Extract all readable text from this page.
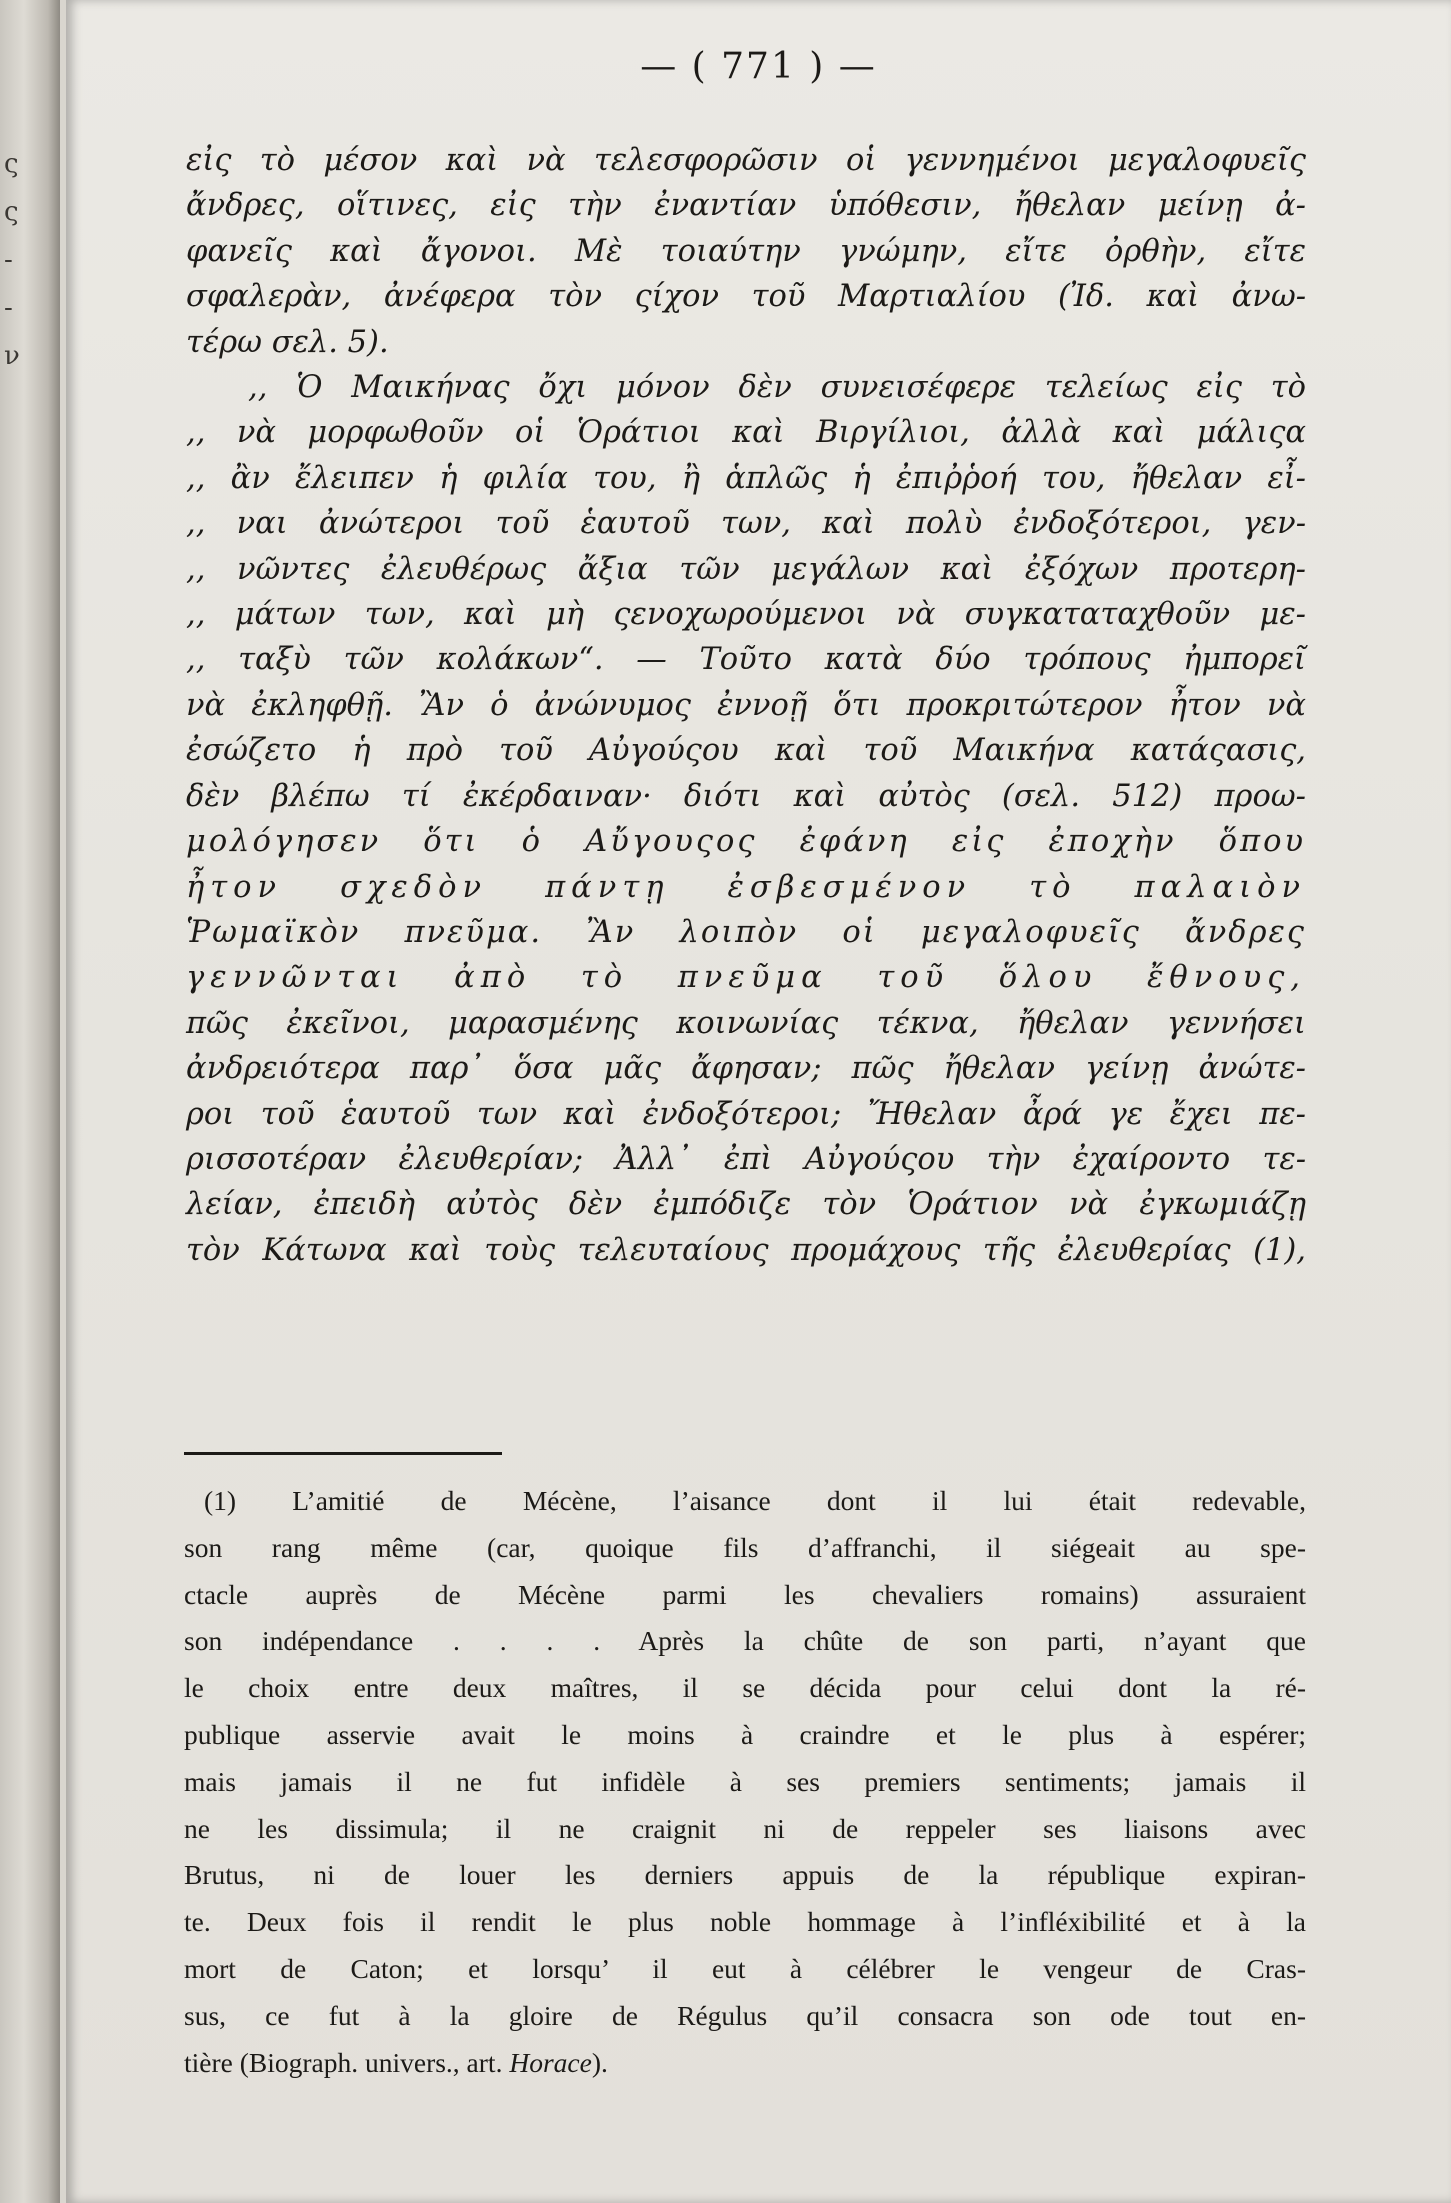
ς
ς
-
-
ν
— ( 771 ) —
εἰς τὸ μέσον καὶ νὰ τελεσφορῶσιν οἱ γεννημένοι μεγαλοφυεῖς
ἄνδρες, οἵτινες, εἰς τὴν ἐναντίαν ὑπόθεσιν, ἤθελαν μείνῃ ἀ-
φανεῖς καὶ ἄγονοι. Μὲ τοιαύτην γνώμην, εἴτε ὀρθὴν, εἴτε
σφαλερὰν, ἀνέφερα τὸν ςίχον τοῦ Μαρτιαλίου (Ἰδ. καὶ ἀνω-
τέρω σελ. 5).
,, Ὁ Μαικήνας ὄχι μόνον δὲν συνεισέφερε τελείως εἰς τὸ
,, νὰ μορφωθοῦν οἱ Ὁράτιοι καὶ Βιργίλιοι, ἀλλὰ καὶ μάλιςα
,, ἂν ἔλειπεν ἡ φιλία του, ἢ ἁπλῶς ἡ ἐπιῤῥοή του, ἤθελαν εἶ-
,, ναι ἀνώτεροι τοῦ ἑαυτοῦ των, καὶ πολὺ ἐνδοξότεροι, γεν-
,, νῶντες ἐλευθέρως ἄξια τῶν μεγάλων καὶ ἐξόχων προτερη-
,, μάτων των, καὶ μὴ ςενοχωρούμενοι νὰ συγκαταταχθοῦν με-
,, ταξὺ τῶν κολάκων“. — Τοῦτο κατὰ δύο τρόπους ἠμπορεῖ
νὰ ἐκληφθῇ. Ἂν ὁ ἀνώνυμος ἐννοῇ ὅτι προκριτώτερον ἦτον νὰ
ἐσώζετο ἡ πρὸ τοῦ Αὐγούςου καὶ τοῦ Μαικήνα κατάςασις,
δὲν βλέπω τί ἐκέρδαιναν· διότι καὶ αὐτὸς (σελ. 512) προω-
μολόγησεν ὅτι ὁ Αὔγουςος ἐφάνη εἰς ἐποχὴν ὅπου
ἦτον σχεδὸν πάντῃ ἐσβεσμένον τὸ παλαιὸν
Ῥωμαϊκὸν πνεῦμα. Ἂν λοιπὸν οἱ μεγαλοφυεῖς ἄνδρες
γεννῶνται ἀπὸ τὸ πνεῦμα τοῦ ὅλου ἔθνους,
πῶς ἐκεῖνοι, μαρασμένης κοινωνίας τέκνα, ἤθελαν γεννήσει
ἀνδρειότερα παρ᾿ ὅσα μᾶς ἄφησαν; πῶς ἤθελαν γείνῃ ἀνώτε-
ροι τοῦ ἑαυτοῦ των καὶ ἐνδοξότεροι; Ἤθελαν ἆρά γε ἔχει πε-
ρισσοτέραν ἐλευθερίαν; Ἀλλ᾿ ἐπὶ Αὐγούςου τὴν ἐχαίροντο τε-
λείαν, ἐπειδὴ αὐτὸς δὲν ἐμπόδιζε τὸν Ὁράτιον νὰ ἐγκωμιάζῃ
τὸν Κάτωνα καὶ τοὺς τελευταίους προμάχους τῆς ἐλευθερίας (1),
(1) L’amitié de Mécène, l’aisance dont il lui était redevable,
son rang même (car, quoique fils d’affranchi, il siégeait au spe-
ctacle auprès de Mécène parmi les chevaliers romains) assuraient
son indépendance . . . . Après la chûte de son parti, n’ayant que
le choix entre deux maîtres, il se décida pour celui dont la ré-
publique asservie avait le moins à craindre et le plus à espérer;
mais jamais il ne fut infidèle à ses premiers sentiments; jamais il
ne les dissimula; il ne craignit ni de reppeler ses liaisons avec
Brutus, ni de louer les derniers appuis de la république expiran-
te. Deux fois il rendit le plus noble hommage à l’infléxibilité et à la
mort de Caton; et lorsqu’ il eut à célébrer le vengeur de Cras-
sus, ce fut à la gloire de Régulus qu’il consacra son ode tout en-
tière (Biograph. univers., art. Horace).
